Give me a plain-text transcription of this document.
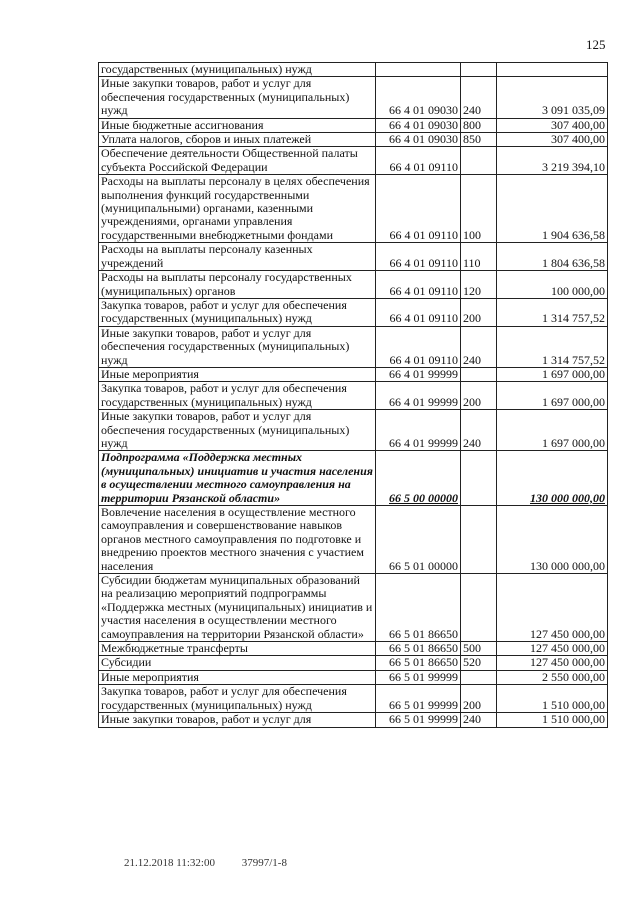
125
государственных (муниципальных) нужд			
Иные закупки товаров, работ и услуг для обеспечения государственных (муниципальных) нужд	66 4 01 09030	240	3 091 035,09
Иные бюджетные ассигнования	66 4 01 09030	800	307 400,00
Уплата налогов, сборов и иных платежей	66 4 01 09030	850	307 400,00
Обеспечение деятельности Общественной палаты субъекта Российской Федерации	66 4 01 09110		3 219 394,10
Расходы на выплаты персоналу в целях обеспечения выполнения функций государственными (муниципальными) органами, казенными учреждениями, органами управления государственными внебюджетными фондами	66 4 01 09110	100	1 904 636,58
Расходы на выплаты персоналу казенных учреждений	66 4 01 09110	110	1 804 636,58
Расходы на выплаты персоналу государственных (муниципальных) органов	66 4 01 09110	120	100 000,00
Закупка товаров, работ и услуг для обеспечения государственных (муниципальных) нужд	66 4 01 09110	200	1 314 757,52
Иные закупки товаров, работ и услуг для обеспечения государственных (муниципальных) нужд	66 4 01 09110	240	1 314 757,52
Иные мероприятия	66 4 01 99999		1 697 000,00
Закупка товаров, работ и услуг для обеспечения государственных (муниципальных) нужд	66 4 01 99999	200	1 697 000,00
Иные закупки товаров, работ и услуг для обеспечения государственных (муниципальных) нужд	66 4 01 99999	240	1 697 000,00
Подпрограмма «Поддержка местных (муниципальных) инициатив и участия населения в осуществлении местного самоуправления на территории Рязанской области»	66 5 00 00000		130 000 000,00
Вовлечение населения в осуществление местного самоуправления и совершенствование навыков органов местного самоуправления по подготовке и внедрению проектов местного значения с участием населения	66 5 01 00000		130 000 000,00
Субсидии бюджетам муниципальных образований на реализацию мероприятий подпрограммы «Поддержка местных (муниципальных) инициатив и участия населения в осуществлении местного самоуправления на территории Рязанской области»	66 5 01 86650		127 450 000,00
Межбюджетные трансферты	66 5 01 86650	500	127 450 000,00
Субсидии	66 5 01 86650	520	127 450 000,00
Иные мероприятия	66 5 01 99999		2 550 000,00
Закупка товаров, работ и услуг для обеспечения государственных (муниципальных) нужд	66 5 01 99999	200	1 510 000,00
Иные закупки товаров, работ и услуг для	66 5 01 99999	240	1 510 000,00
21.12.2018 11:32:00 37997/1-8
